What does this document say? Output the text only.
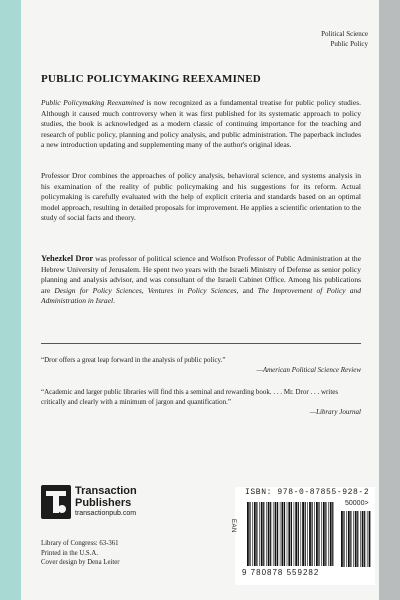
Political Science
Public Policy
PUBLIC POLICYMAKING REEXAMINED

Public Policymaking Reexamined is now recognized as a fundamental treatise for public policy studies. Although it caused much controversy when it was first published for its systematic approach to policy studies, the book is acknowledged as a modern classic of continuing importance for the teaching and research of public policy, planning and policy analysis, and public administration. The paperback includes a new introduction updating and supplementing many of the author's original ideas.

Professor Dror combines the approaches of policy analysis, behavioral science, and systems analysis in his examination of the reality of public policymaking and his suggestions for its reform. Actual policymaking is carefully evaluated with the help of explicit criteria and standards based on an optimal model approach, resulting in detailed proposals for improvement. He applies a scientific orientation to the study of social facts and theory.

Yehezkel Dror was professor of political science and Wolfson Professor of Public Administration at the Hebrew University of Jerusalem. He spent two years with the Israeli Ministry of Defense as senior policy planning and analysis advisor, and was consultant of the Israeli Cabinet Office. Among his publications are Design for Policy Sciences, Ventures in Policy Sciences, and The Improvement of Policy and Administration in Israel.

“Dror offers a great leap forward in the analysis of public policy.”
—American Political Science Review

“Academic and larger public libraries will find this a seminal and rewarding book. . . . Mr. Dror . . . writes critically and clearly with a minimum of jargon and quantification.”
—Library Journal

Transaction
Publishers
transactionpub.com
Library of Congress: 63-361
Printed in the U.S.A.
Cover design by Dena Leiter
ISBN: 978-0-87855-928-2
EAN
50000>
9 780878 559282
